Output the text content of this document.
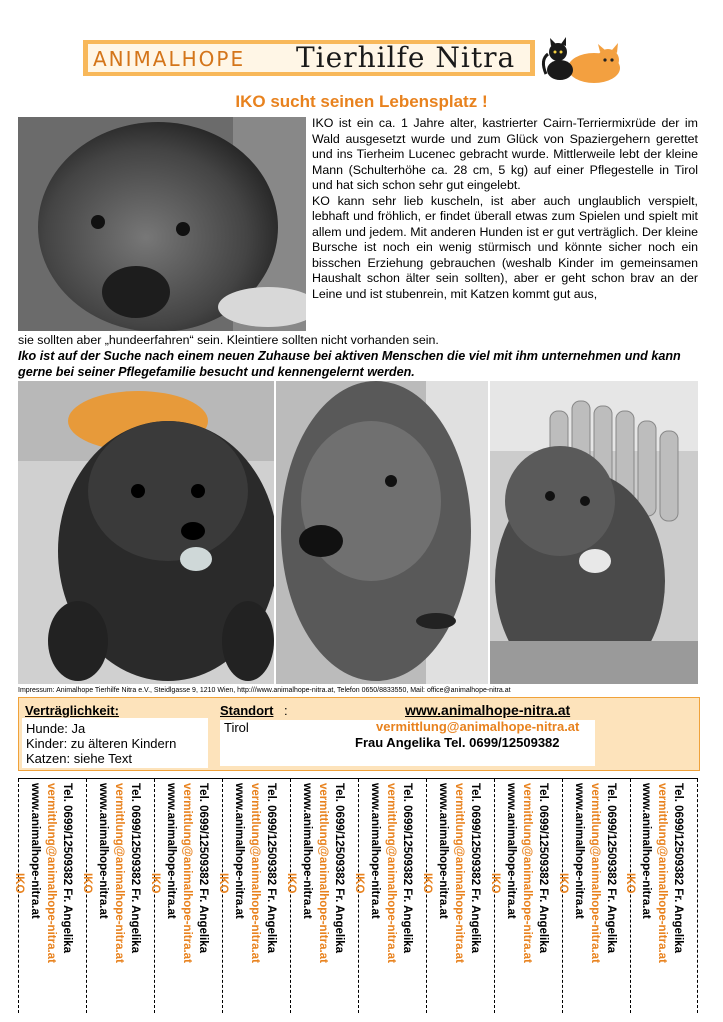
ANIMALHOPE Tierhilfe Nitra
IKO sucht seinen Lebensplatz !

IKO ist ein ca. 1 Jahre alter, kastrierter Cairn-Terriermixrüde der im Wald ausgesetzt wurde und zum Glück von Spaziergehern gerettet und ins Tierheim Lucenec gebracht wurde. Mittlerweile lebt der kleine Mann (Schulterhöhe ca. 28 cm, 5 kg) auf einer Pflegestelle in Tirol und hat sich schon sehr gut eingelebt.

KO kann sehr lieb kuscheln, ist aber auch unglaublich verspielt, lebhaft und fröhlich, er findet überall etwas zum Spielen und spielt mit allem und jedem. Mit anderen Hunden ist er gut verträglich. Der kleine Bursche ist noch ein wenig stürmisch und könnte sicher noch ein bisschen Erziehung gebrauchen (weshalb Kinder im gemeinsamen Haushalt schon älter sein sollten), aber er geht schon brav an der Leine und ist stubenrein, mit Katzen kommt gut aus,

sie sollten aber „hundeerfahren“ sein. Kleintiere sollten nicht vorhanden sein.
Iko ist auf der Suche nach einem neuen Zuhause bei aktiven Menschen die viel mit ihm unternehmen und kann gerne bei seiner Pflegefamilie besucht und kennengelernt werden.
Impressum: Animalhope Tierhilfe Nitra e.V., Steidlgasse 9, 1210 Wien, http:///www.animalhope-nitra.at, Telefon 0650/8833550, Mail: office@animalhope-nitra.at
Verträglichkeit:
Hunde: Ja
Kinder: zu älteren Kindern
Katzen: siehe Text
Standort :
Tirol
www.animalhope-nitra.at
vermittlung@animalhope-nitra.at
Frau Angelika Tel. 0699/12509382
Tel. 0699/12509382 Fr. Angelika
vermittlung@animalhope-nitra.at
www.animalhope-nitra.at
IKO	Tel. 0699/12509382 Fr. Angelika
vermittlung@animalhope-nitra.at
www.animalhope-nitra.at
IKO	Tel. 0699/12509382 Fr. Angelika
vermittlung@animalhope-nitra.at
www.animalhope-nitra.at
IKO	Tel. 0699/12509382 Fr. Angelika
vermittlung@animalhope-nitra.at
www.animalhope-nitra.at
IKO	Tel. 0699/12509382 Fr. Angelika
vermittlung@animalhope-nitra.at
www.animalhope-nitra.at
IKO	Tel. 0699/12509382 Fr. Angelika
vermittlung@animalhope-nitra.at
www.animalhope-nitra.at
IKO	Tel. 0699/12509382 Fr. Angelika
vermittlung@animalhope-nitra.at
www.animalhope-nitra.at
IKO	Tel. 0699/12509382 Fr. Angelika
vermittlung@animalhope-nitra.at
www.animalhope-nitra.at
IKO	Tel. 0699/12509382 Fr. Angelika
vermittlung@animalhope-nitra.at
www.animalhope-nitra.at
IKO	Tel. 0699/12509382 Fr. Angelika
vermittlung@animalhope-nitra.at
www.animalhope-nitra.at
IKO
